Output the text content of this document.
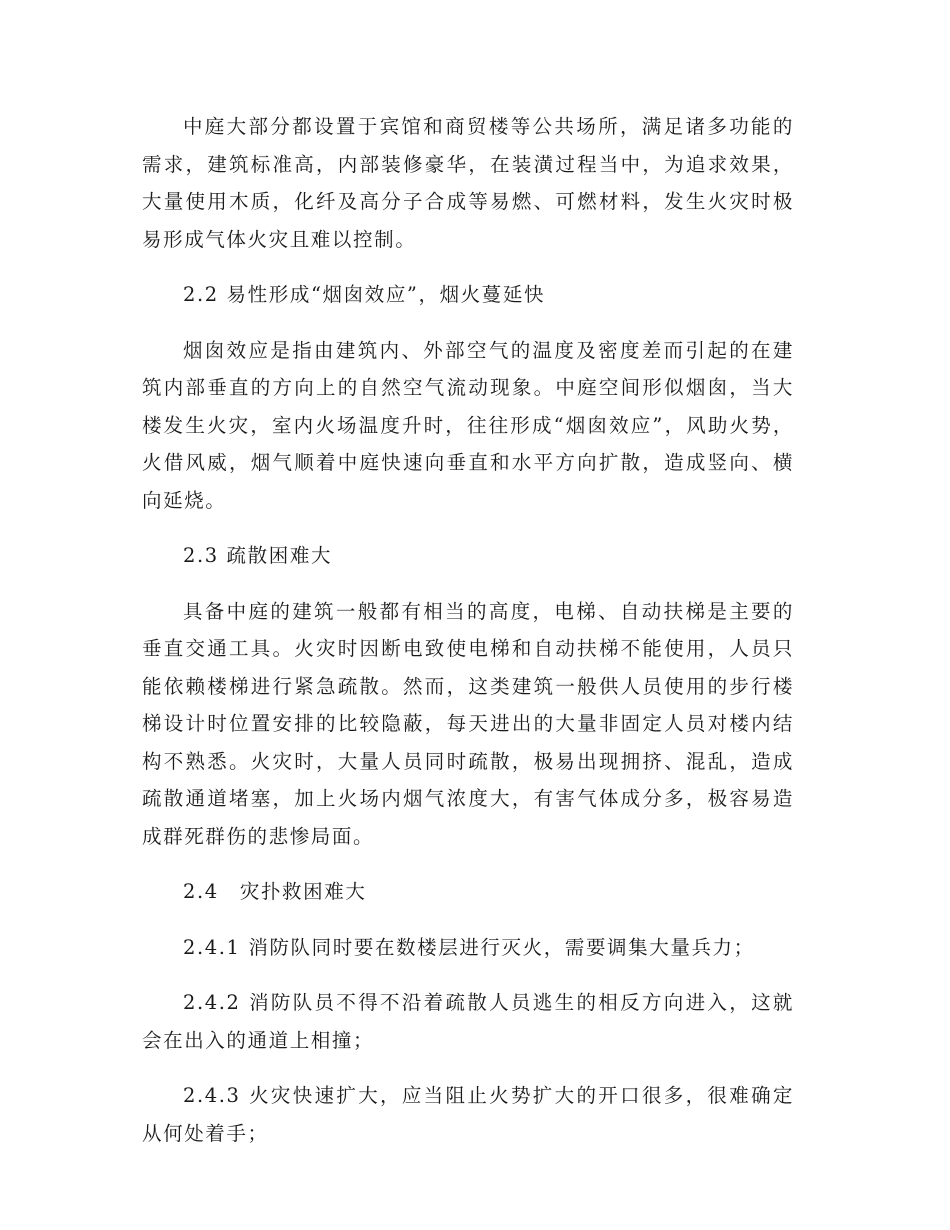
中庭大部分都设置于宾馆和商贸楼等公共场所，满足诸多功能的需求，建筑标准高，内部装修豪华，在装潢过程当中，为追求效果，大量使用木质，化纤及高分子合成等易燃、可燃材料，发生火灾时极易形成气体火灾且难以控制。

2.2 易性形成“烟囱效应”，烟火蔓延快

烟囱效应是指由建筑内、外部空气的温度及密度差而引起的在建筑内部垂直的方向上的自然空气流动现象。中庭空间形似烟囱，当大楼发生火灾，室内火场温度升时，往往形成“烟囱效应”，风助火势，火借风威，烟气顺着中庭快速向垂直和水平方向扩散，造成竖向、横向延烧。

2.3 疏散困难大

具备中庭的建筑一般都有相当的高度，电梯、自动扶梯是主要的垂直交通工具。火灾时因断电致使电梯和自动扶梯不能使用，人员只能依赖楼梯进行紧急疏散。然而，这类建筑一般供人员使用的步行楼梯设计时位置安排的比较隐蔽，每天进出的大量非固定人员对楼内结构不熟悉。火灾时，大量人员同时疏散，极易出现拥挤、混乱，造成疏散通道堵塞，加上火场内烟气浓度大，有害气体成分多，极容易造成群死群伤的悲惨局面。

2.4　灾扑救困难大

2.4.1 消防队同时要在数楼层进行灭火，需要调集大量兵力；

2.4.2 消防队员不得不沿着疏散人员逃生的相反方向进入，这就会在出入的通道上相撞；

2.4.3 火灾快速扩大，应当阻止火势扩大的开口很多，很难确定从何处着手；
